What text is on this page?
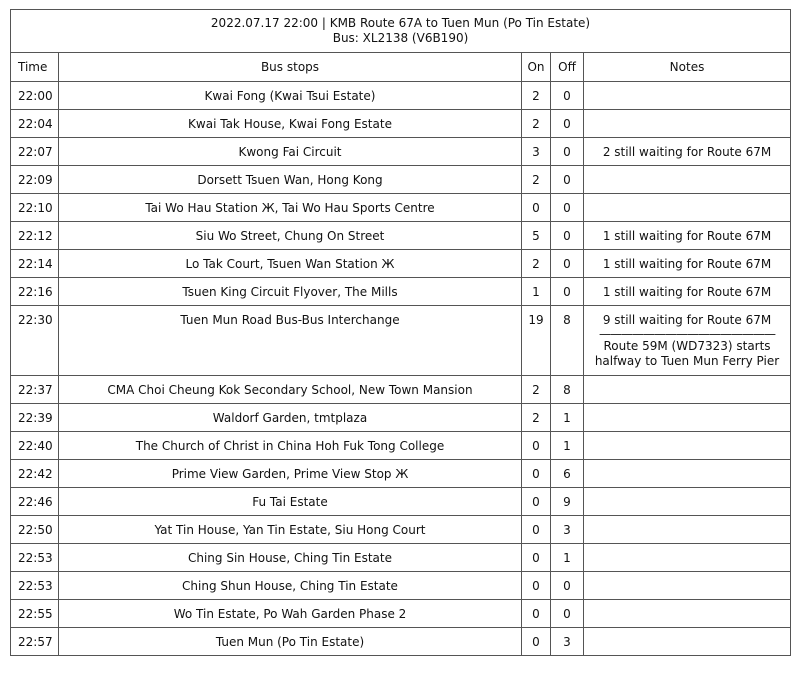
2022.07.17 22:00 | KMB Route 67A to Tuen Mun (Po Tin Estate)
Bus: XL2138 (V6B190)				

Time	Bus stops	On	Off	Notes

22:00	Kwai Fong (Kwai Tsui Estate)	2	0	

22:04	Kwai Tak House, Kwai Fong Estate	2	0	

22:07	Kwong Fai Circuit	3	0	2 still waiting for Route 67M

22:09	Dorsett Tsuen Wan, Hong Kong	2	0	

22:10	Tai Wo Hau Station Ж, Tai Wo Hau Sports Centre	0	0	

22:12	Siu Wo Street, Chung On Street	5	0	1 still waiting for Route 67M

22:14	Lo Tak Court, Tsuen Wan Station Ж	2	0	1 still waiting for Route 67M

22:16	Tsuen King Circuit Flyover, The Mills	1	0	1 still waiting for Route 67M

22:30	Tuen Mun Road Bus-Bus Interchange	19	8	9 still waiting for Route 67M
————————————————
Route 59M (WD7323) starts halfway to Tuen Mun Ferry Pier

22:37	CMA Choi Cheung Kok Secondary School, New Town Mansion	2	8	

22:39	Waldorf Garden, tmtplaza	2	1	

22:40	The Church of Christ in China Hoh Fuk Tong College	0	1	

22:42	Prime View Garden, Prime View Stop Ж	0	6	

22:46	Fu Tai Estate	0	9	

22:50	Yat Tin House, Yan Tin Estate, Siu Hong Court	0	3	

22:53	Ching Sin House, Ching Tin Estate	0	1	

22:53	Ching Shun House, Ching Tin Estate	0	0	

22:55	Wo Tin Estate, Po Wah Garden Phase 2	0	0	

22:57	Tuen Mun (Po Tin Estate)	0	3	
